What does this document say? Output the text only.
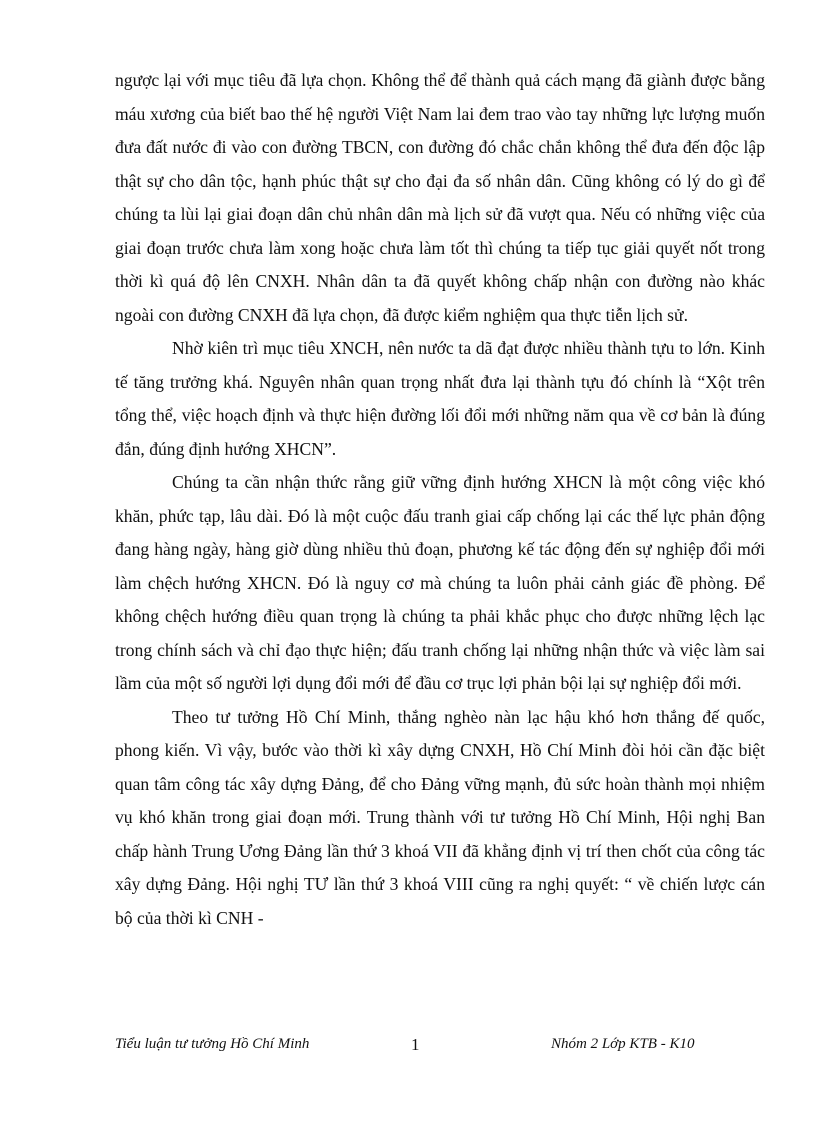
ngược lại với mục tiêu đã lựa chọn. Không thể để thành quả cách mạng đã giành được bằng máu xương của biết bao thế hệ người Việt Nam lai đem trao vào tay những lực lượng muốn đưa đất nước đi vào con đường TBCN, con đường đó chắc chắn không thể đưa đến độc lập thật sự cho dân tộc, hạnh phúc thật sự cho đại đa số nhân dân. Cũng không có lý do gì để chúng ta lùi lại giai đoạn dân chủ nhân dân mà lịch sử đã vượt qua. Nếu có những việc của giai đoạn trước chưa làm xong hoặc chưa làm tốt thì chúng ta tiếp tục giải quyết nốt trong thời kì quá độ lên CNXH. Nhân dân ta đã quyết không chấp nhận con đường nào khác ngoài con đường CNXH đã lựa chọn, đã được kiểm nghiệm qua thực tiễn lịch sử.

Nhờ kiên trì mục tiêu XNCH, nên nước ta dã đạt được nhiều thành tựu to lớn. Kinh tế tăng trưởng khá. Nguyên nhân quan trọng nhất đưa lại thành tựu đó chính là “Xột trên tổng thể, việc hoạch định và thực hiện đường lối đổi mới những năm qua về cơ bản là đúng đắn, đúng định hướng XHCN”.

Chúng ta cần nhận thức rằng giữ vững định hướng XHCN là một công việc khó khăn, phức tạp, lâu dài. Đó là một cuộc đấu tranh giai cấp chống lại các thế lực phản động đang hàng ngày, hàng giờ dùng nhiều thủ đoạn, phương kế tác động đến sự nghiệp đổi mới làm chệch hướng XHCN. Đó là nguy cơ mà chúng ta luôn phải cảnh giác đề phòng. Để không chệch hướng điều quan trọng là chúng ta phải khắc phục cho được những lệch lạc trong chính sách và chỉ đạo thực hiện; đấu tranh chống lại những nhận thức và việc làm sai lầm của một số người lợi dụng đổi mới để đầu cơ trục lợi phản bội lại sự nghiệp đổi mới.

Theo tư tưởng Hồ Chí Minh, thắng nghèo nàn lạc hậu khó hơn thắng đế quốc, phong kiến. Vì vậy, bước vào thời kì xây dựng CNXH, Hồ Chí Minh đòi hỏi cần đặc biệt quan tâm công tác xây dựng Đảng, để cho Đảng vững mạnh, đủ sức hoàn thành mọi nhiệm vụ khó khăn trong giai đoạn mới. Trung thành với tư tưởng Hồ Chí Minh, Hội nghị Ban chấp hành Trung Ương Đảng lần thứ 3 khoá VII đã khẳng định vị trí then chốt của công tác xây dựng Đảng. Hội nghị TƯ lần thứ 3 khoá VIII cũng ra nghị quyết: “ về chiến lược cán bộ của thời kì CNH -

Tiểu luận tư tưởng Hồ Chí Minh	1	Nhóm 2 Lớp KTB - K10
